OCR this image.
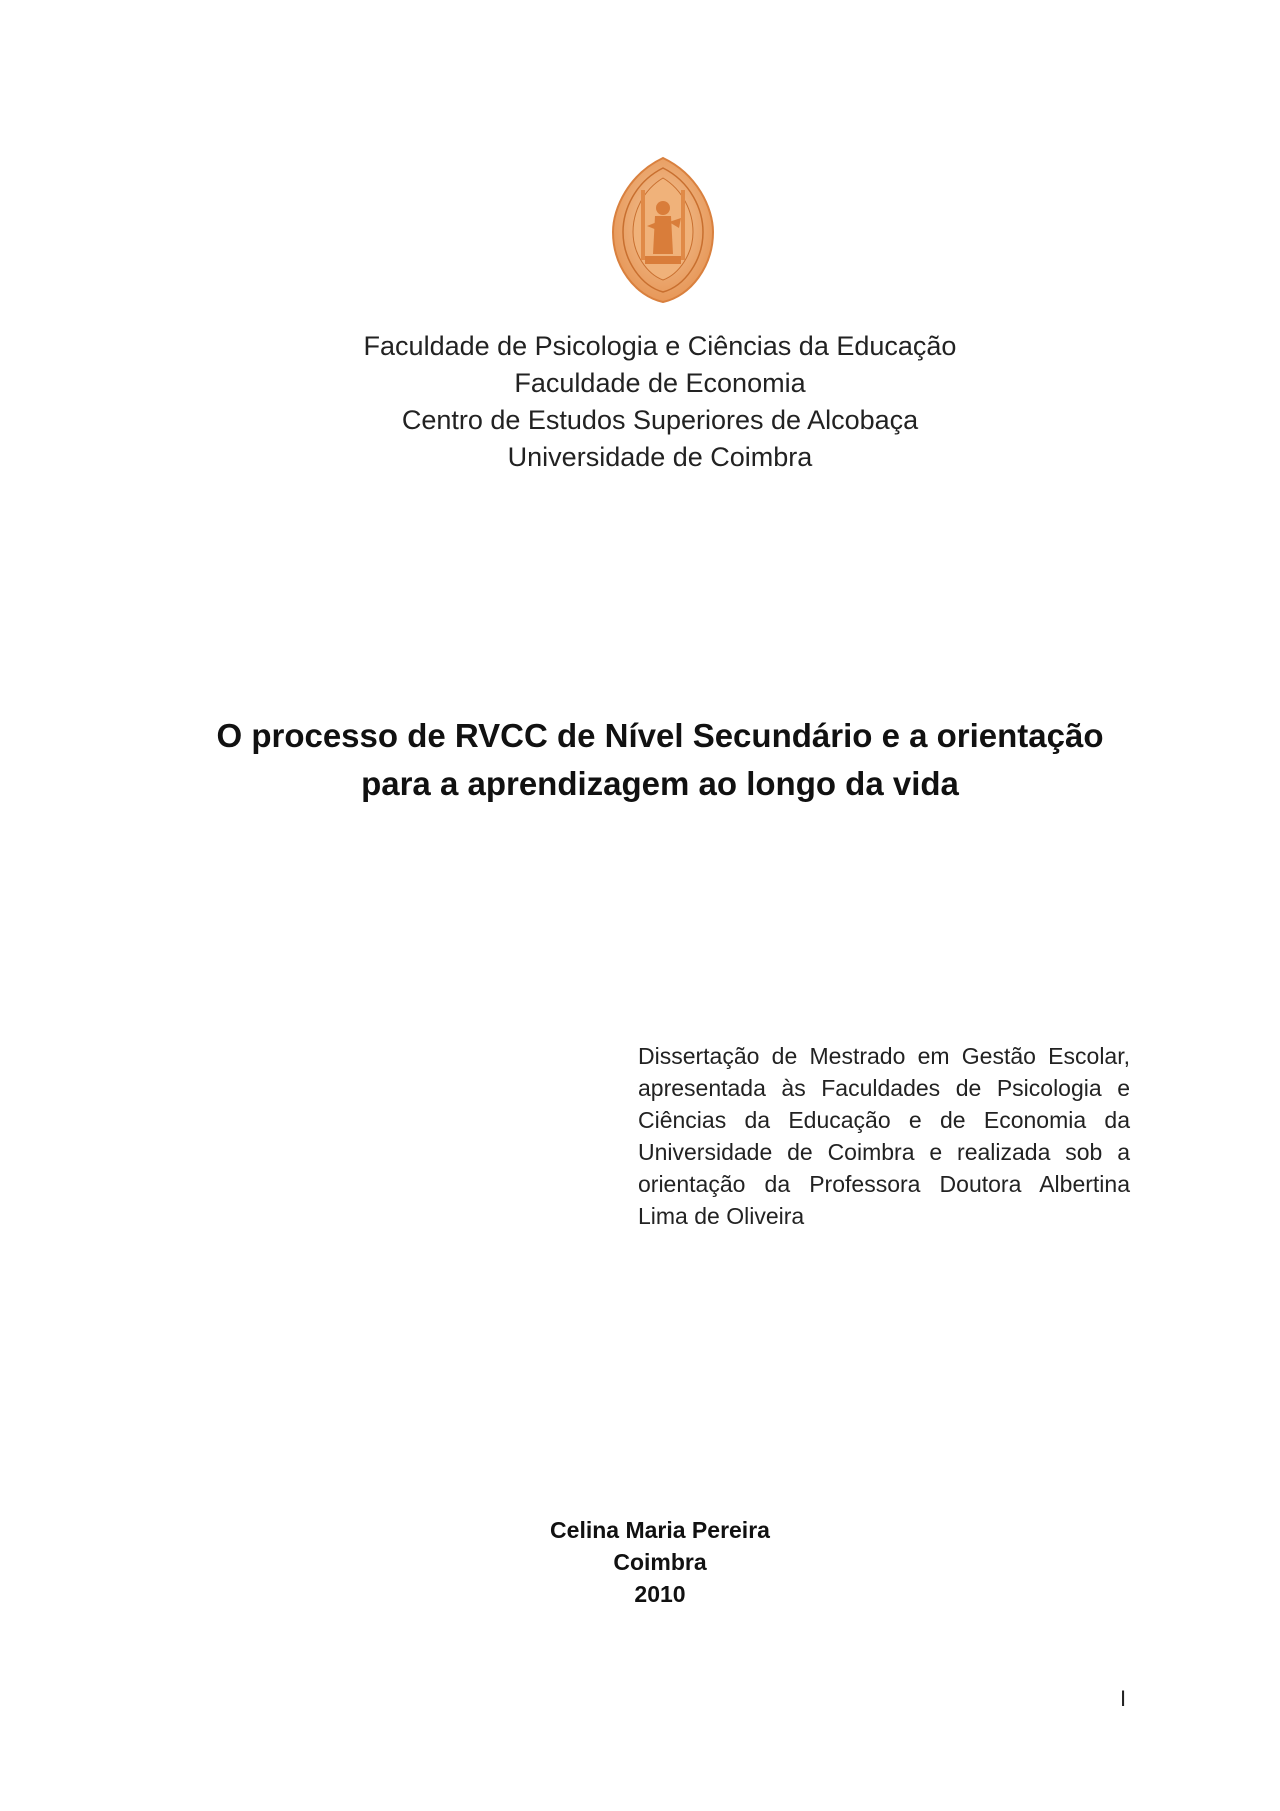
Faculdade de Psicologia e Ciências da Educação
Faculdade de Economia
Centro de Estudos Superiores de Alcobaça
Universidade de Coimbra
O processo de RVCC de Nível Secundário e a orientação
para a aprendizagem ao longo da vida
Dissertação de Mestrado em Gestão Escolar, apresentada às Faculdades de Psicologia e Ciências da Educação e de Economia da Universidade de Coimbra e realizada sob a orientação da Professora Doutora Albertina Lima de Oliveira
Celina Maria Pereira
Coimbra
2010
I
